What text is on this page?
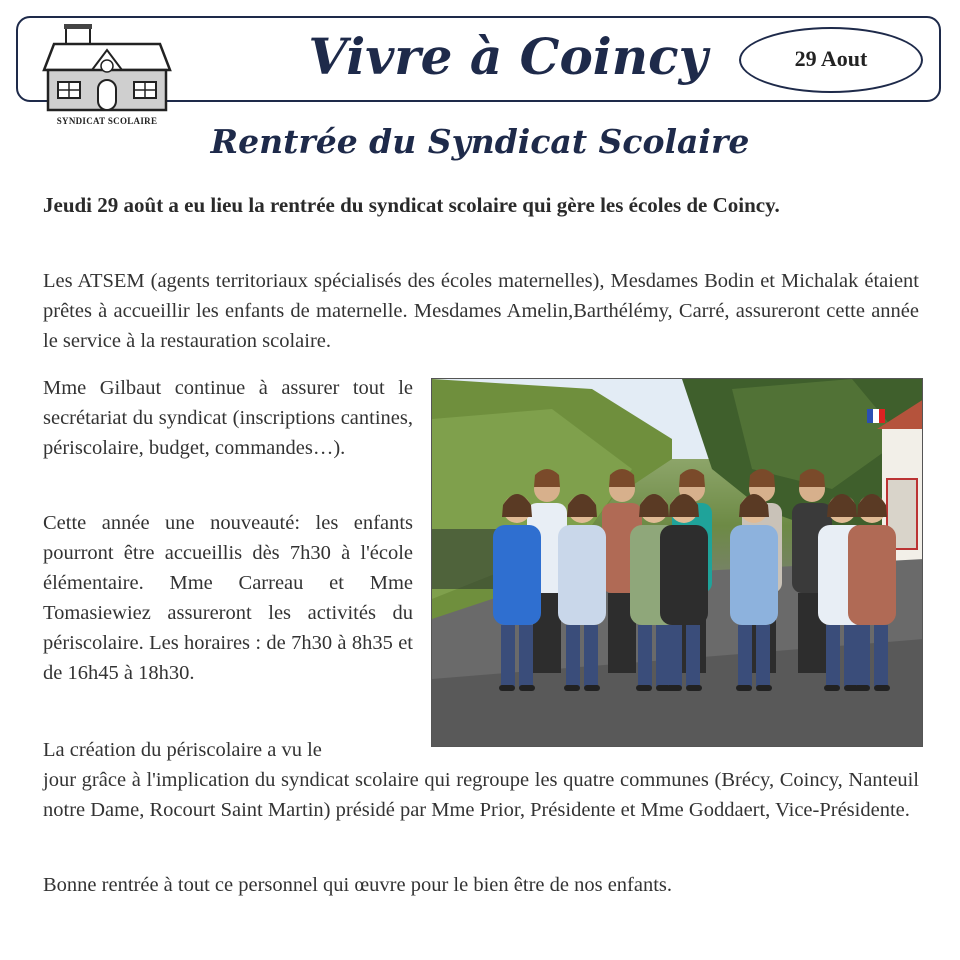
SYNDICAT SCOLAIRE
Vivre à Coincy	29 Aout
Rentrée du Syndicat Scolaire

Jeudi 29 août a eu lieu la rentrée du syndicat scolaire qui gère les écoles de Coincy.

Les ATSEM (agents territoriaux spécialisés des écoles maternelles), Mesdames Bodin et Michalak étaient prêtes à accueillir les enfants de maternelle. Mesdames Amelin,Barthélémy, Carré, assureront cette année le service à la restauration scolaire.

Mme Gilbaut continue à assurer tout le secrétariat du syndicat (inscriptions cantines, périscolaire, budget, commandes…).

Cette année une nouveauté: les enfants pourront être accueillis dès 7h30 à l'école élémentaire. Mme Carreau et Mme Tomasiewiez assureront les activités du périscolaire. Les horaires : de 7h30 à 8h35 et de 16h45 à 18h30.

La création du périscolaire a vu le

jour grâce à l'implication du syndicat scolaire qui regroupe les quatre communes (Brécy, Coincy, Nanteuil notre Dame, Rocourt Saint Martin) présidé par Mme Prior, Présidente et Mme Goddaert, Vice-Présidente.

Bonne rentrée à tout ce personnel qui œuvre pour le bien être de nos enfants.
